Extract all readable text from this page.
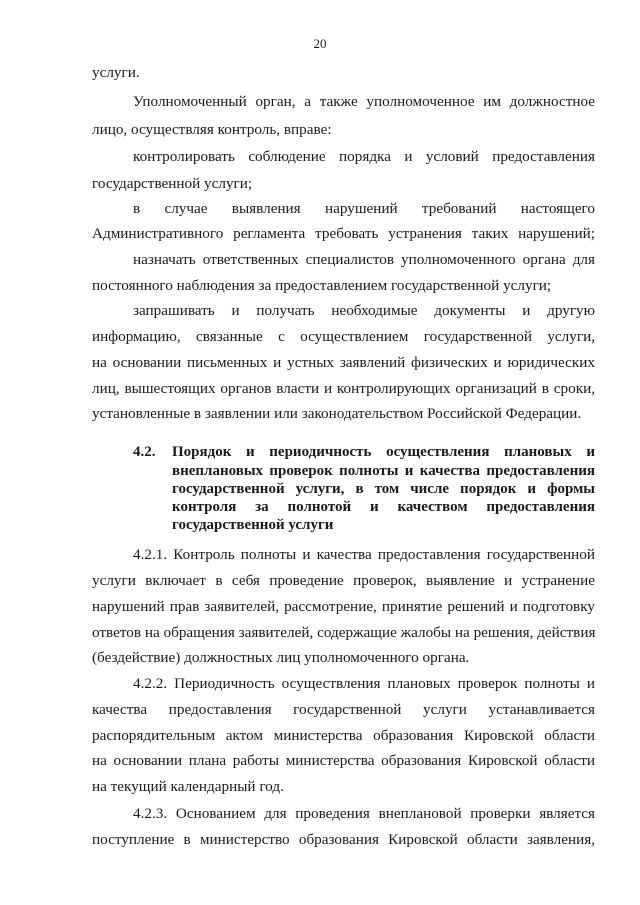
20
услуги.
Уполномоченный орган, а также уполномоченное им должностное
лицо, осуществляя контроль, вправе:
контролировать соблюдение порядка и условий предоставления
государственной услуги;
в случае выявления нарушений требований настоящего
Административного регламента требовать устранения таких нарушений;
назначать ответственных специалистов уполномоченного органа для
постоянного наблюдения за предоставлением государственной услуги;
запрашивать и получать необходимые документы и другую
информацию, связанные с осуществлением государственной услуги,
на основании письменных и устных заявлений физических и юридических
лиц, вышестоящих органов власти и контролирующих организаций в сроки,
установленные в заявлении или законодательством Российской Федерации.
4.2. Порядок и периодичность осуществления плановых и
внеплановых проверок полноты и качества предоставления
государственной услуги, в том числе порядок и формы
контроля за полнотой и качеством предоставления
государственной услуги
4.2.1. Контроль полноты и качества предоставления государственной
услуги включает в себя проведение проверок, выявление и устранение
нарушений прав заявителей, рассмотрение, принятие решений и подготовку
ответов на обращения заявителей, содержащие жалобы на решения, действия
(бездействие) должностных лиц уполномоченного органа.
4.2.2. Периодичность осуществления плановых проверок полноты и
качества предоставления государственной услуги устанавливается
распорядительным актом министерства образования Кировской области
на основании плана работы министерства образования Кировской области
на текущий календарный год.
4.2.3. Основанием для проведения внеплановой проверки является
поступление в министерство образования Кировской области заявления,
